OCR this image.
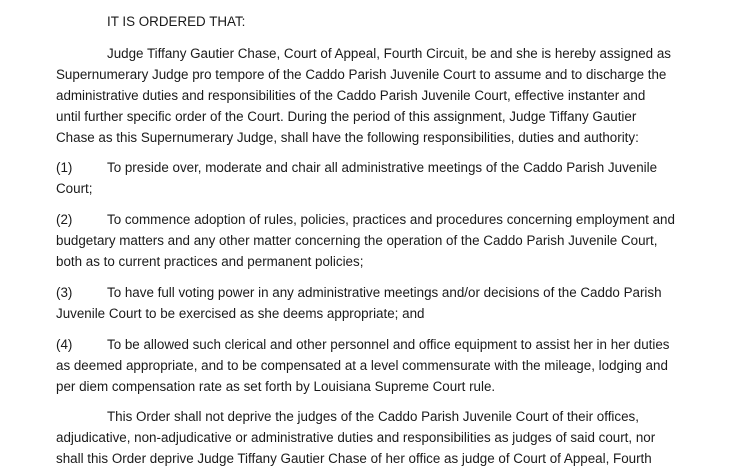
IT IS ORDERED THAT:
Judge Tiffany Gautier Chase, Court of Appeal, Fourth Circuit, be and she is hereby assigned as
Supernumerary Judge pro tempore of the Caddo Parish Juvenile Court to assume and to discharge the
administrative duties and responsibilities of the Caddo Parish Juvenile Court, effective instanter and
until further specific order of the Court. During the period of this assignment, Judge Tiffany Gautier
Chase as this Supernumerary Judge, shall have the following responsibilities, duties and authority:
(1)	To preside over, moderate and chair all administrative meetings of the Caddo Parish Juvenile
Court;
(2)	To commence adoption of rules, policies, practices and procedures concerning employment and
budgetary matters and any other matter concerning the operation of the Caddo Parish Juvenile Court,
both as to current practices and permanent policies;
(3)	To have full voting power in any administrative meetings and/or decisions of the Caddo Parish
Juvenile Court to be exercised as she deems appropriate; and
(4)	To be allowed such clerical and other personnel and office equipment to assist her in her duties
as deemed appropriate, and to be compensated at a level commensurate with the mileage, lodging and
per diem compensation rate as set forth by Louisiana Supreme Court rule.
This Order shall not deprive the judges of the Caddo Parish Juvenile Court of their offices,
adjudicative, non-adjudicative or administrative duties and responsibilities as judges of said court, nor
shall this Order deprive Judge Tiffany Gautier Chase of her office as judge of Court of Appeal, Fourth
